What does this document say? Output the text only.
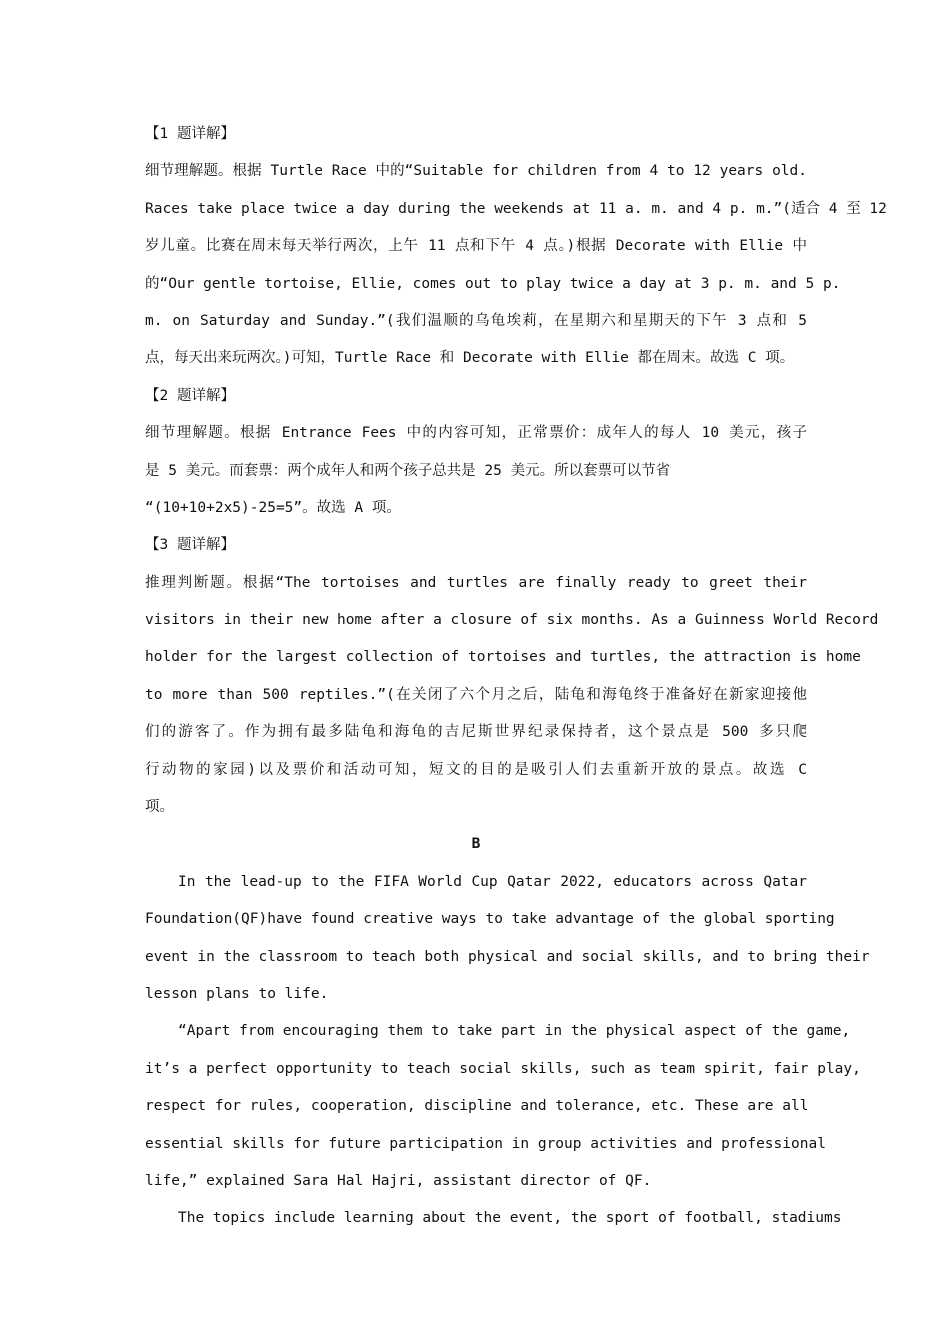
【1 题详解】
细节理解题。根据 Turtle Race 中的“Suitable for children from 4 to 12 years old.
Races take place twice a day during the weekends at 11 a. m. and 4 p. m.”(适合 4 至 12
岁儿童。比赛在周末每天举行两次，上午 11 点和下午 4 点。)根据 Decorate with Ellie 中
的“Our gentle tortoise, Ellie, comes out to play twice a day at 3 p. m. and 5 p.
m. on Saturday and Sunday.”(我们温顺的乌龟埃莉，在星期六和星期天的下午 3 点和 5
点，每天出来玩两次。)可知，Turtle Race 和 Decorate with Ellie 都在周末。故选 C 项。
【2 题详解】
细节理解题。根据 Entrance Fees 中的内容可知，正常票价：成年人的每人 10 美元，孩子
是 5 美元。而套票：两个成年人和两个孩子总共是 25 美元。所以套票可以节省
“(10+10+2x5)-25=5”。故选 A 项。
【3 题详解】
推理判断题。根据“The tortoises and turtles are finally ready to greet their
visitors in their new home after a closure of six months. As a Guinness World Record
holder for the largest collection of tortoises and turtles, the attraction is home
to more than 500 reptiles.”(在关闭了六个月之后，陆龟和海龟终于准备好在新家迎接他
们的游客了。作为拥有最多陆龟和海龟的吉尼斯世界纪录保持者，这个景点是 500 多只爬
行动物的家园)以及票价和活动可知，短文的目的是吸引人们去重新开放的景点。故选 C
项。
B
In the lead-up to the FIFA World Cup Qatar 2022, educators across Qatar
Foundation(QF)have found creative ways to take advantage of the global sporting
event in the classroom to teach both physical and social skills, and to bring their
lesson plans to life.
“Apart from encouraging them to take part in the physical aspect of the game,
it’s a perfect opportunity to teach social skills, such as team spirit, fair play,
respect for rules, cooperation, discipline and tolerance, etc. These are all
essential skills for future participation in group activities and professional
life,” explained Sara Hal Hajri, assistant director of QF.
The topics include learning about the event, the sport of football, stadiums
